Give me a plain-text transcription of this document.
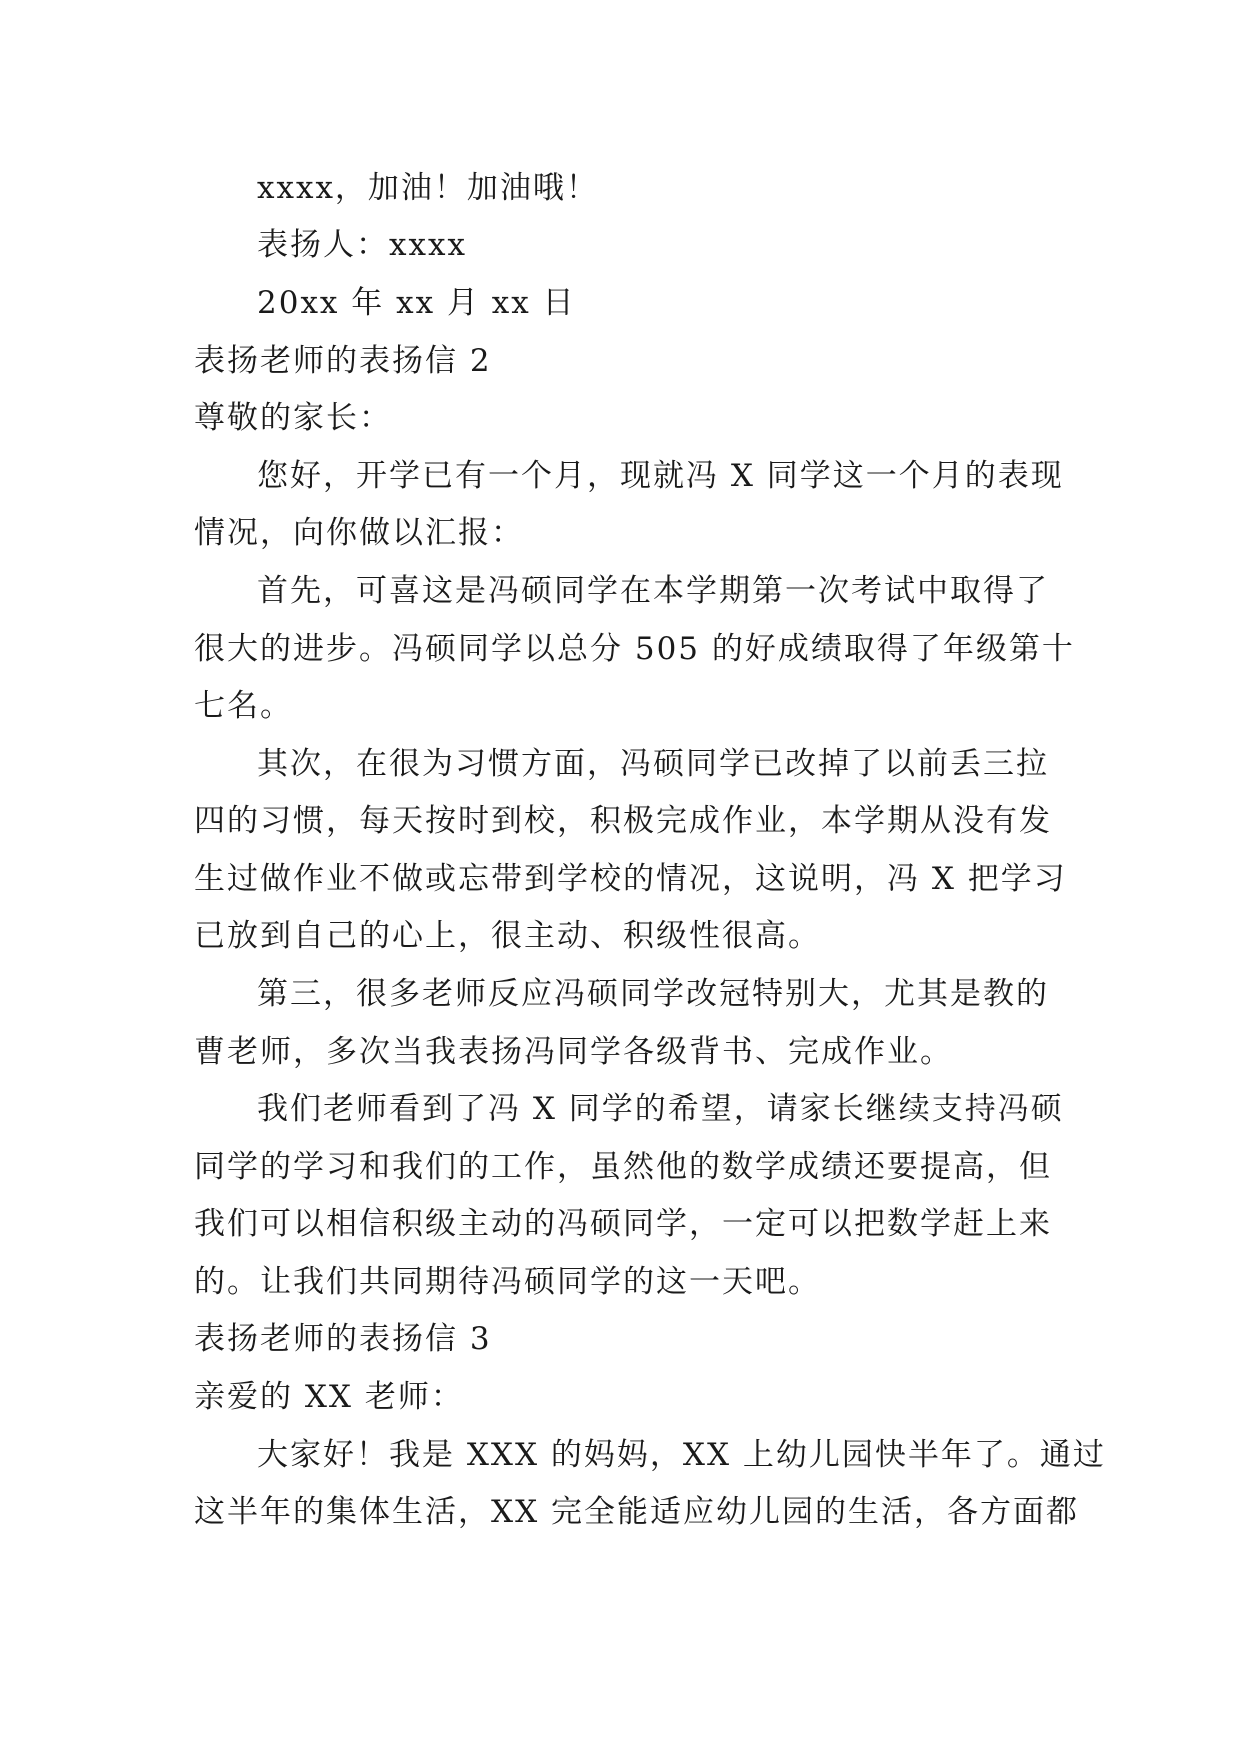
xxxx，加油！加油哦！
表扬人：xxxx
20xx 年 xx 月 xx 日
表扬老师的表扬信 2
尊敬的家长：
您好，开学已有一个月，现就冯 X 同学这一个月的表现
情况，向你做以汇报：
首先，可喜这是冯硕同学在本学期第一次考试中取得了
很大的进步。冯硕同学以总分 505 的好成绩取得了年级第十
七名。
其次，在很为习惯方面，冯硕同学已改掉了以前丢三拉
四的习惯，每天按时到校，积极完成作业，本学期从没有发
生过做作业不做或忘带到学校的情况，这说明，冯 X 把学习
已放到自己的心上，很主动、积级性很高。
第三，很多老师反应冯硕同学改冠特别大，尤其是教的
曹老师，多次当我表扬冯同学各级背书、完成作业。
我们老师看到了冯 X 同学的希望，请家长继续支持冯硕
同学的学习和我们的工作，虽然他的数学成绩还要提高，但
我们可以相信积级主动的冯硕同学，一定可以把数学赶上来
的。让我们共同期待冯硕同学的这一天吧。
表扬老师的表扬信 3
亲爱的 XX 老师：
大家好！我是 XXX 的妈妈，XX 上幼儿园快半年了。通过
这半年的集体生活，XX 完全能适应幼儿园的生活，各方面都
